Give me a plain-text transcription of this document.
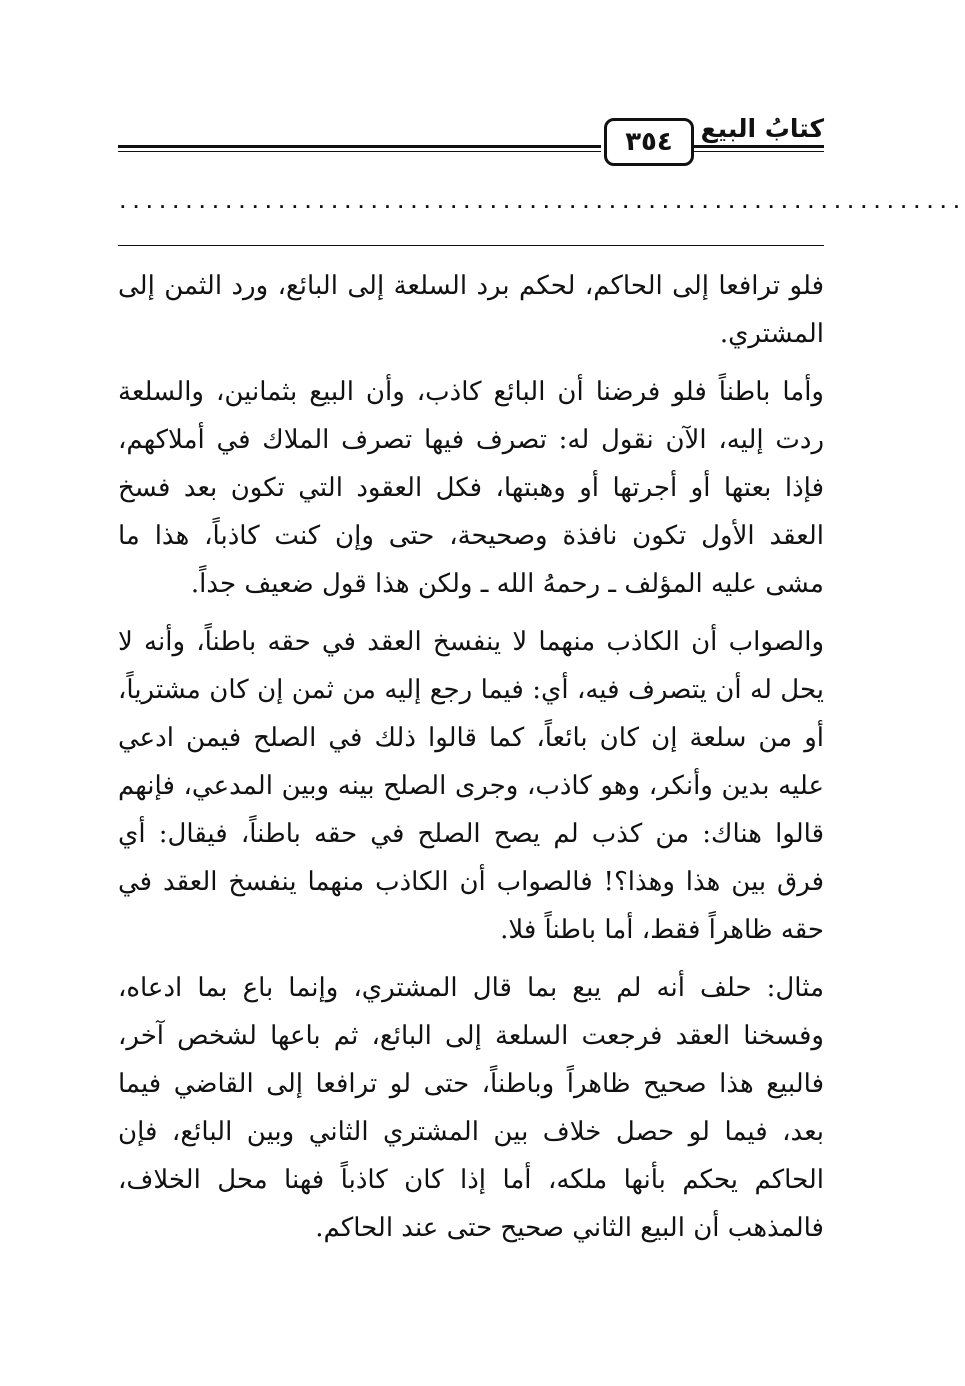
كتابُ البيع
٣٥٤
................................................................

فلو ترافعا إلى الحاكم، لحكم برد السلعة إلى البائع، ورد الثمن إلى المشتري.

وأما باطناً فلو فرضنا أن البائع كاذب، وأن البيع بثمانين، والسلعة ردت إليه، الآن نقول له: تصرف فيها تصرف الملاك في أملاكهم، فإذا بعتها أو أجرتها أو وهبتها، فكل العقود التي تكون بعد فسخ العقد الأول تكون نافذة وصحيحة، حتى وإن كنت كاذباً، هذا ما مشى عليه المؤلف ـ رحمهُ الله ـ ولكن هذا قول ضعيف جداً.

والصواب أن الكاذب منهما لا ينفسخ العقد في حقه باطناً، وأنه لا يحل له أن يتصرف فيه، أي: فيما رجع إليه من ثمن إن كان مشترياً، أو من سلعة إن كان بائعاً، كما قالوا ذلك في الصلح فيمن ادعي عليه بدين وأنكر، وهو كاذب، وجرى الصلح بينه وبين المدعي، فإنهم قالوا هناك: من كذب لم يصح الصلح في حقه باطناً، فيقال: أي فرق بين هذا وهذا؟! فالصواب أن الكاذب منهما ينفسخ العقد في حقه ظاهراً فقط، أما باطناً فلا.

مثال: حلف أنه لم يبع بما قال المشتري، وإنما باع بما ادعاه، وفسخنا العقد فرجعت السلعة إلى البائع، ثم باعها لشخص آخر، فالبيع هذا صحيح ظاهراً وباطناً، حتى لو ترافعا إلى القاضي فيما بعد، فيما لو حصل خلاف بين المشتري الثاني وبين البائع، فإن الحاكم يحكم بأنها ملكه، أما إذا كان كاذباً فهنا محل الخلاف، فالمذهب أن البيع الثاني صحيح حتى عند الحاكم.
